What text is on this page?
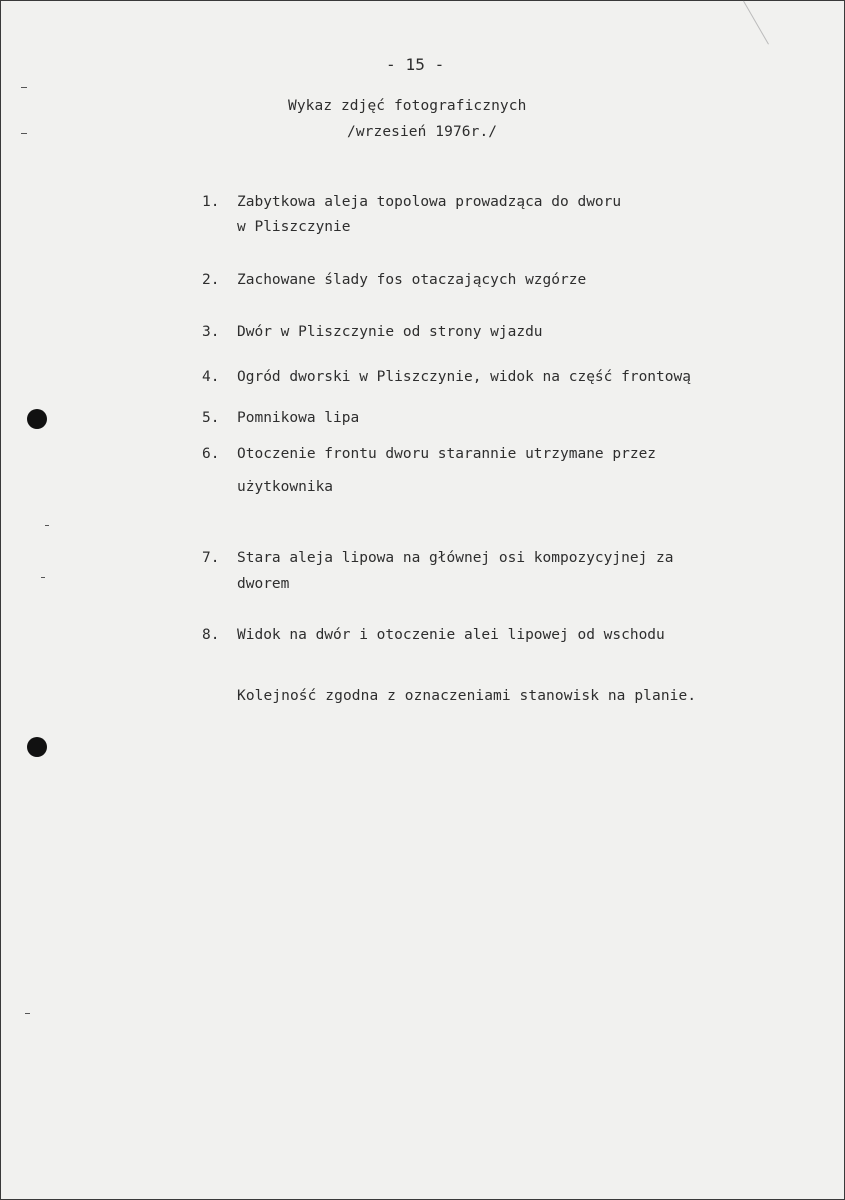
- 15 -
Wykaz zdjęć fotograficznych
/wrzesień 1976r./
1. Zabytkowa aleja topolowa prowadząca do dworu
w Pliszczynie
2. Zachowane ślady fos otaczających wzgórze
3. Dwór w Pliszczynie od strony wjazdu
4. Ogród dworski w Pliszczynie, widok na część frontową
5. Pomnikowa lipa
6. Otoczenie frontu dworu starannie utrzymane przez
użytkownika
7. Stara aleja lipowa na głównej osi kompozycyjnej za
dworem
8. Widok na dwór i otoczenie alei lipowej od wschodu
Kolejność zgodna z oznaczeniami stanowisk na planie.
